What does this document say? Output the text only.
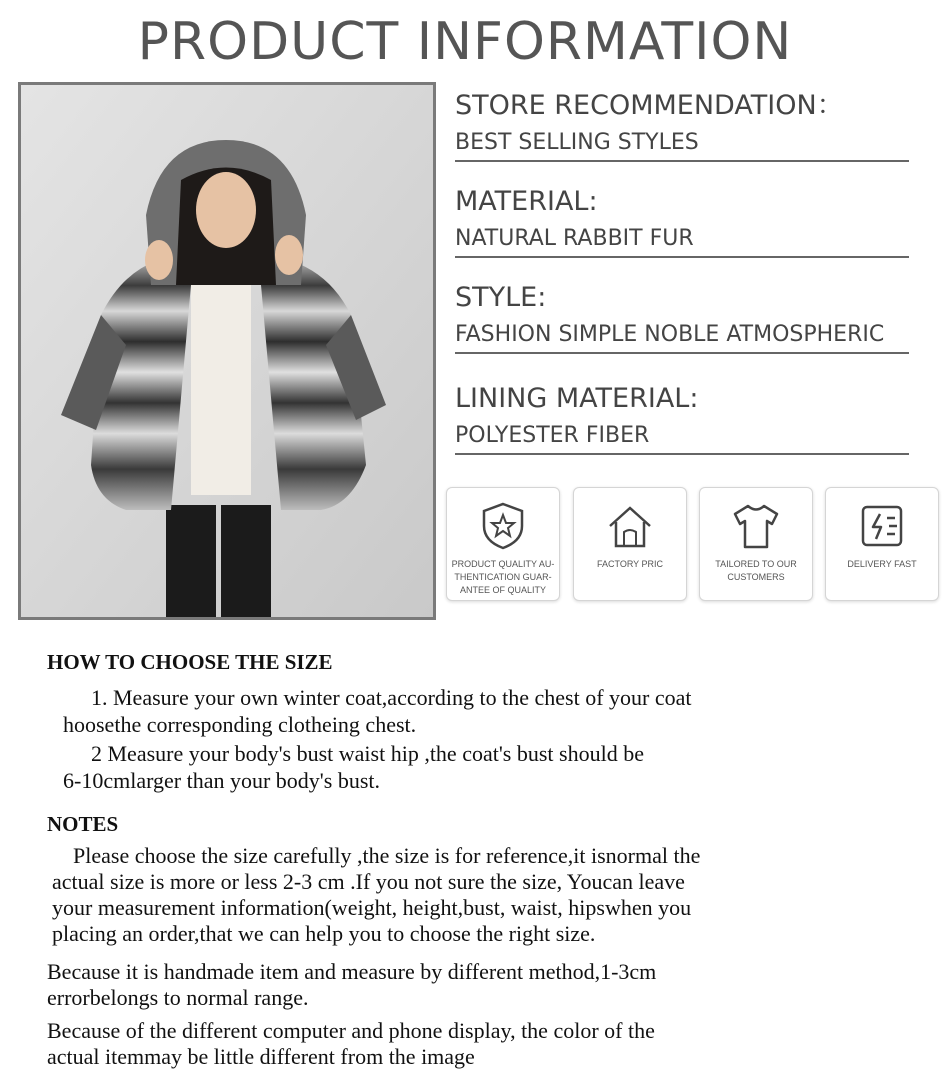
PRODUCT INFORMATION
STORE RECOMMENDATION：
BEST SELLING STYLES
MATERIAL:
NATURAL RABBIT FUR
STYLE:
FASHION SIMPLE NOBLE ATMOSPHERIC
LINING MATERIAL:
POLYESTER FIBER
PRODUCT QUALITY AU- THENTICATION GUAR- ANTEE OF QUALITY
FACTORY PRIC	TAILORED TO OUR CUSTOMERS
DELIVERY FAST
HOW TO CHOOSE THE SIZE
1. Measure your own winter coat,according to the chest of your coat
hoosethe corresponding clotheing chest.
2 Measure your body's bust waist hip ,the coat's bust should be
6-10cmlarger than your body's bust.
NOTES
Please choose the size carefully ,the size is for reference,it isnormal the
actual size is more or less 2-3 cm .If you not sure the size, Youcan leave
your measurement information(weight, height,bust, waist, hipswhen you
placing an order,that we can help you to choose the right size.
Because it is handmade item and measure by different method,1-3cm
errorbelongs to normal range.
Because of the different computer and phone display, the color of the
actual itemmay be little different from the image
